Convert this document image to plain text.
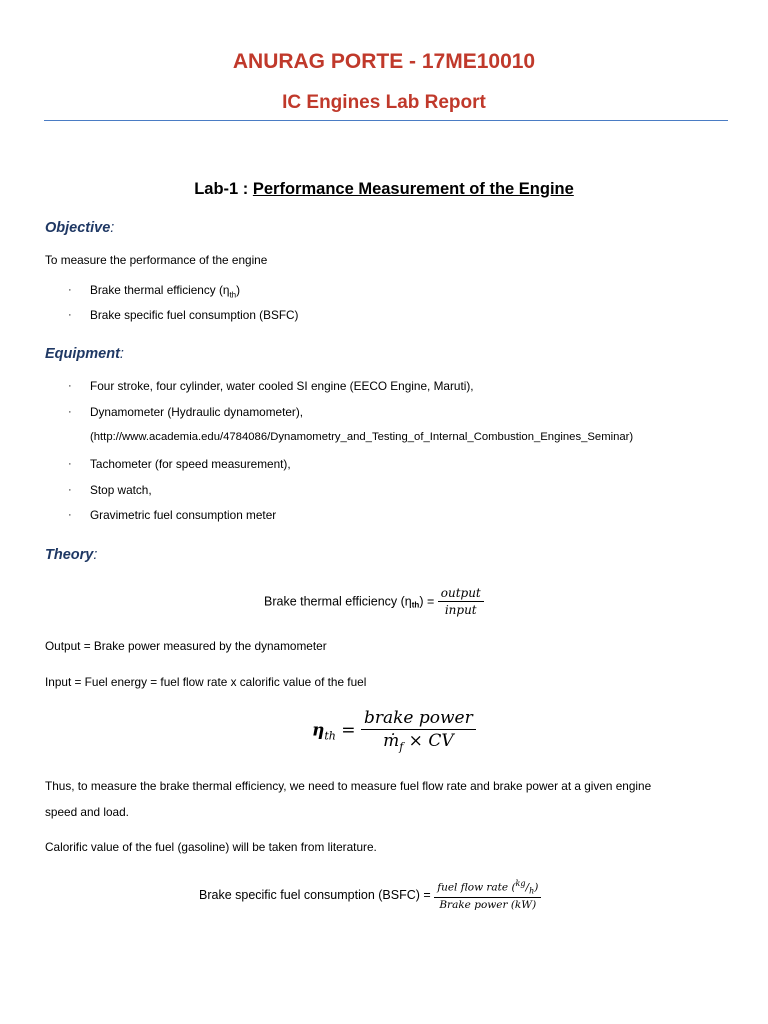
ANURAG PORTE - 17ME10010
IC Engines Lab Report
Lab-1 : Performance Measurement of the Engine
Objective:
To measure the performance of the engine
· Brake thermal efficiency $(\eta_{th})$
· Brake specific fuel consumption (BSFC)
Equipment:
· Four stroke, four cylinder, water cooled SI engine (EECO Engine, Maruti),
· Dynamometer (Hydraulic dynamometer),
(http://www.academia.edu/4784086/Dynamometry_and_Testing_of_Internal_Combustion_Engines_Seminar)
· Tachometer (for speed measurement),
· Stop watch,
· Gravimetric fuel consumption meter
Theory:
Brake thermal efficiency $(\eta_{th}) = \frac{\text{output}}{\text{input}}$
Output = Brake power measured by the dynamometer
Input = Fuel energy = fuel flow rate x calorific value of the fuel
$\eta_{th} = \frac{\text{brake power}}{ṁ_f \times CV}$
Thus, to measure the brake thermal efficiency, we need to measure fuel flow rate and brake power at a given engine
speed and load.
Calorific value of the fuel (gasoline) will be taken from literature.
Brake specific fuel consumption (BSFC) = $\frac{fuel flow rate (^{kg}/_h)}{\text{Brake power (kW)}}$
